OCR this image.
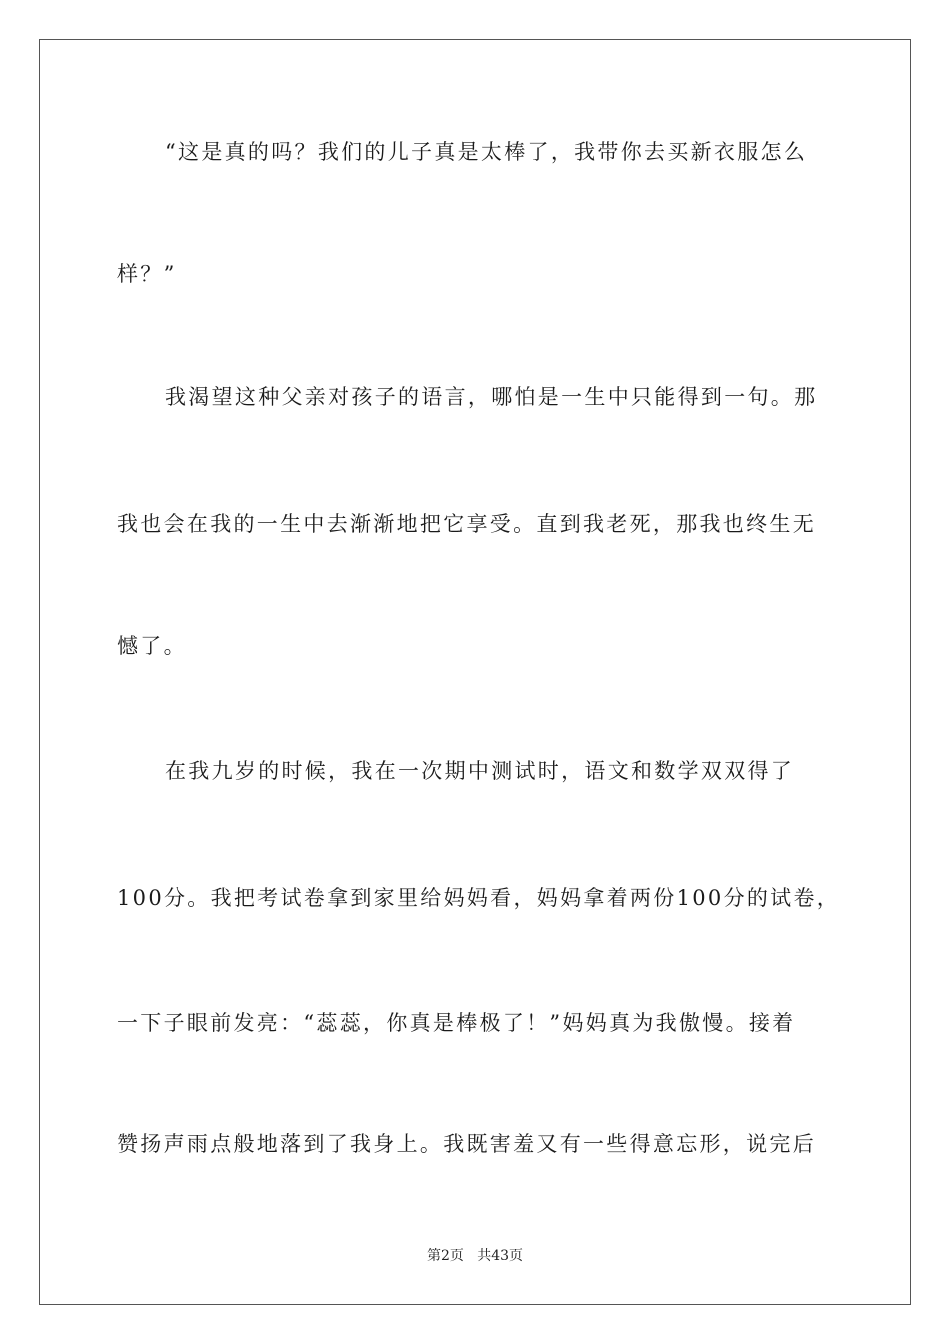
“这是真的吗？我们的儿子真是太棒了，我带你去买新衣服怎么
样？”
我渴望这种父亲对孩子的语言，哪怕是一生中只能得到一句。那
我也会在我的一生中去渐渐地把它享受。直到我老死，那我也终生无
憾了。
在我九岁的时候，我在一次期中测试时，语文和数学双双得了
100分。我把考试卷拿到家里给妈妈看，妈妈拿着两份100分的试卷，
一下子眼前发亮：“蕊蕊，你真是棒极了！”妈妈真为我傲慢。接着
赞扬声雨点般地落到了我身上。我既害羞又有一些得意忘形，说完后
第2页   共43页
